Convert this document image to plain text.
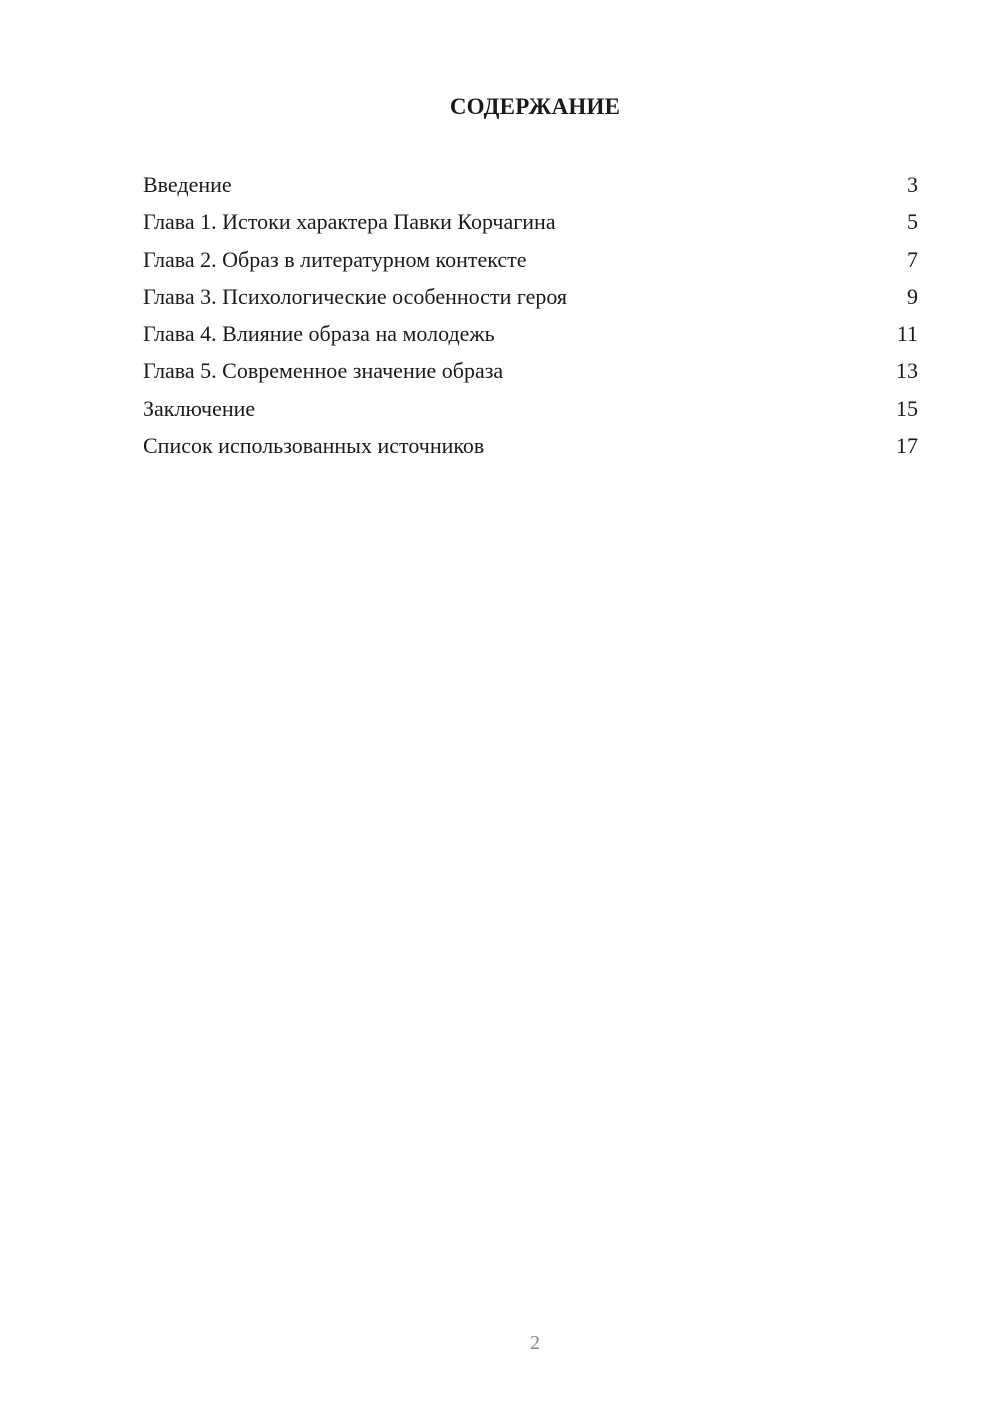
СОДЕРЖАНИЕ
Введение	3
Глава 1. Истоки характера Павки Корчагина	5
Глава 2. Образ в литературном контексте	7
Глава 3. Психологические особенности героя	9
Глава 4. Влияние образа на молодежь	11
Глава 5. Современное значение образа	13
Заключение	15
Список использованных источников	17
2
